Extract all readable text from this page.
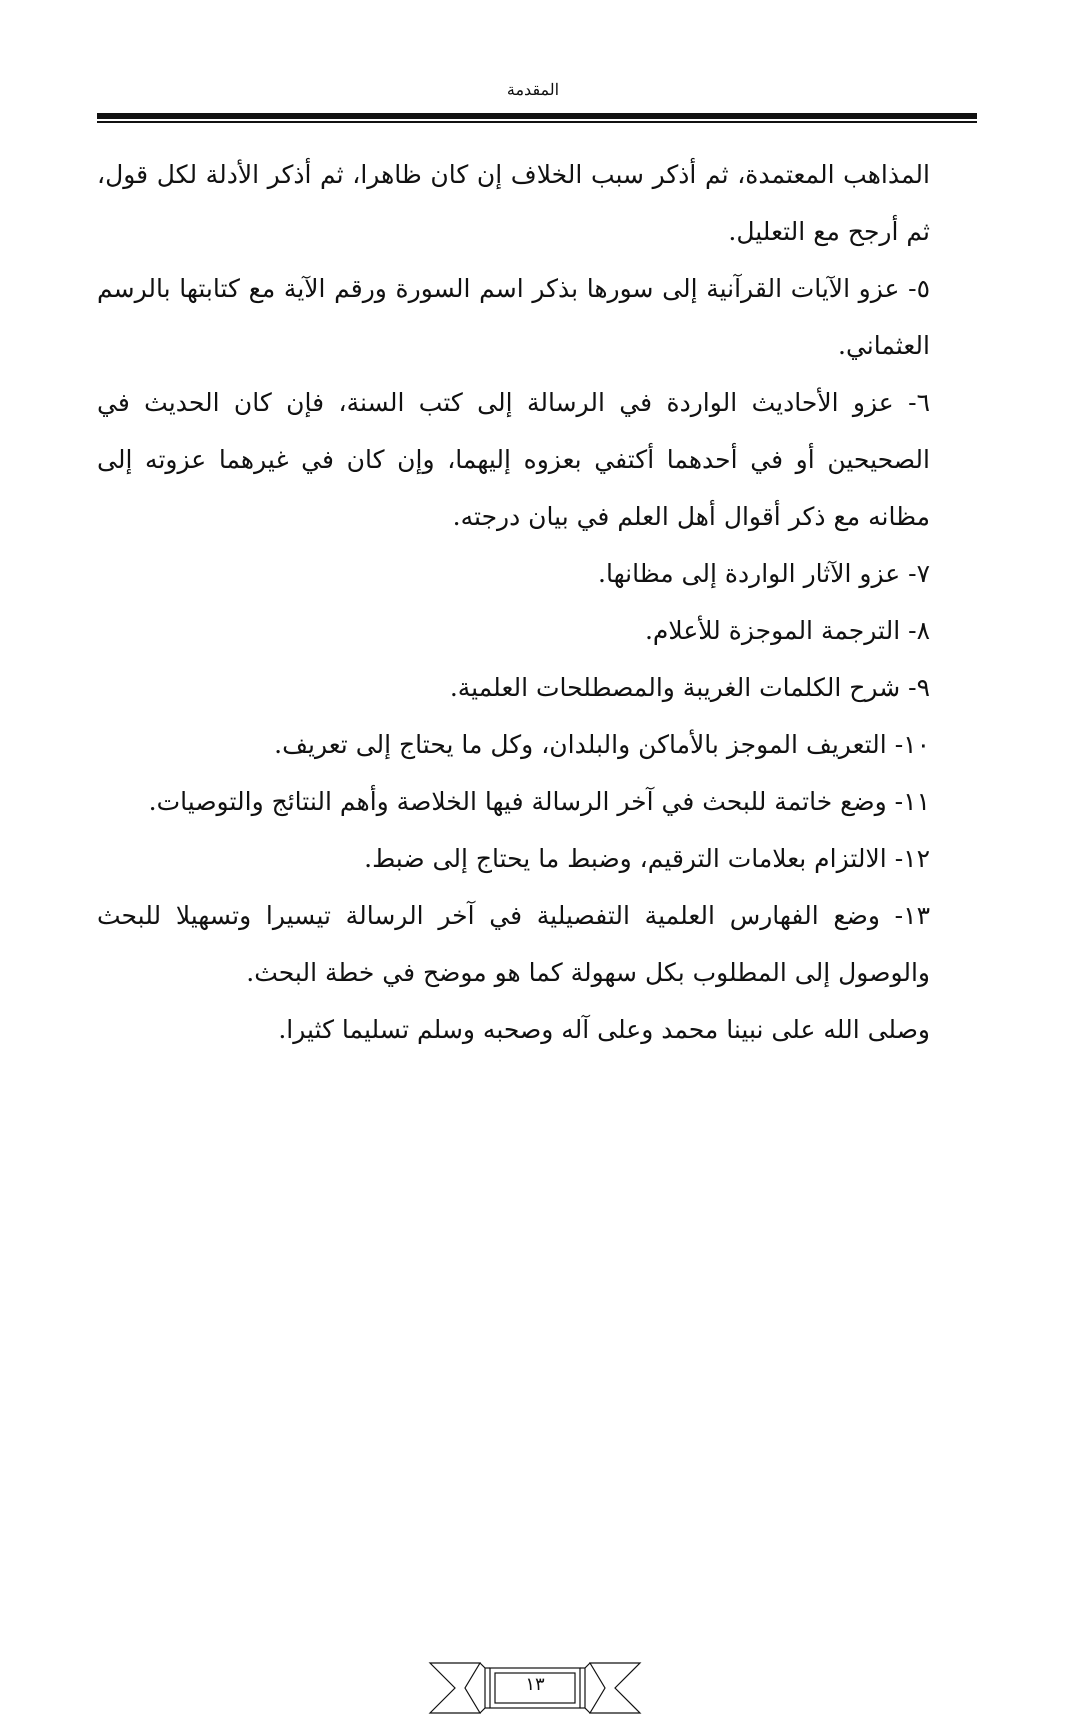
المقدمة

المذاهب المعتمدة، ثم أذكر سبب الخلاف إن كان ظاهرا، ثم أذكر الأدلة لكل قول، ثم أرجح مع التعليل.

٥- عزو الآيات القرآنية إلى سورها بذكر اسم السورة ورقم الآية مع كتابتها بالرسم العثماني.

٦- عزو الأحاديث الواردة في الرسالة إلى كتب السنة، فإن كان الحديث في الصحيحين أو في أحدهما أكتفي بعزوه إليهما، وإن كان في غيرهما عزوته إلى مظانه مع ذكر أقوال أهل العلم في بيان درجته.

٧- عزو الآثار الواردة إلى مظانها.

٨- الترجمة الموجزة للأعلام.

٩- شرح الكلمات الغريبة والمصطلحات العلمية.

١٠- التعريف الموجز بالأماكن والبلدان، وكل ما يحتاج إلى تعريف.

١١- وضع خاتمة للبحث في آخر الرسالة فيها الخلاصة وأهم النتائج والتوصيات.

١٢- الالتزام بعلامات الترقيم، وضبط ما يحتاج إلى ضبط.

١٣- وضع الفهارس العلمية التفصيلية في آخر الرسالة تيسيرا وتسهيلا للبحث والوصول إلى المطلوب بكل سهولة كما هو موضح في خطة البحث.

وصلى الله على نبينا محمد وعلى آله وصحبه وسلم تسليما كثيرا.

١٣
